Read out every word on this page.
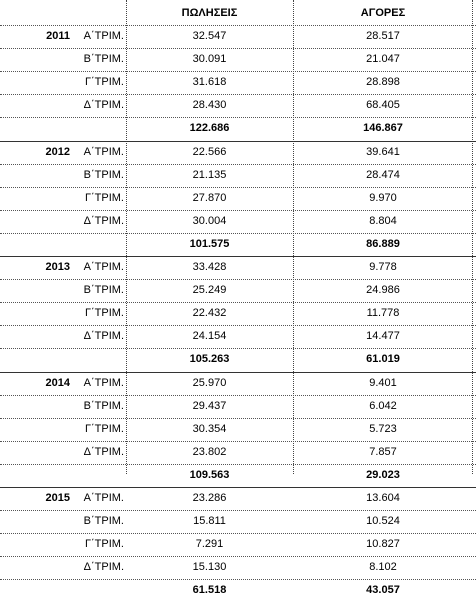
ΠΩΛΗΣΕΙΣ	ΑΓΟΡΕΣ
2011	Α΄ΤΡΙΜ.	32.547	28.517
Β΄ΤΡΙΜ.	30.091	21.047
Γ΄ΤΡΙΜ.	31.618	28.898
Δ΄ΤΡΙΜ.	28.430	68.405
122.686	146.867
2012	Α΄ΤΡΙΜ.	22.566	39.641
Β΄ΤΡΙΜ.	21.135	28.474
Γ΄ΤΡΙΜ.	27.870	9.970
Δ΄ΤΡΙΜ.	30.004	8.804
101.575	86.889
2013	Α΄ΤΡΙΜ.	33.428	9.778
Β΄ΤΡΙΜ.	25.249	24.986
Γ΄ΤΡΙΜ.	22.432	11.778
Δ΄ΤΡΙΜ.	24.154	14.477
105.263	61.019
2014	Α΄ΤΡΙΜ.	25.970	9.401
Β΄ΤΡΙΜ.	29.437	6.042
Γ΄ΤΡΙΜ.	30.354	5.723
Δ΄ΤΡΙΜ.	23.802	7.857
109.563	29.023
2015	Α΄ΤΡΙΜ.	23.286	13.604
Β΄ΤΡΙΜ.	15.811	10.524
Γ΄ΤΡΙΜ.	7.291	10.827
Δ΄ΤΡΙΜ.	15.130	8.102
61.518	43.057
